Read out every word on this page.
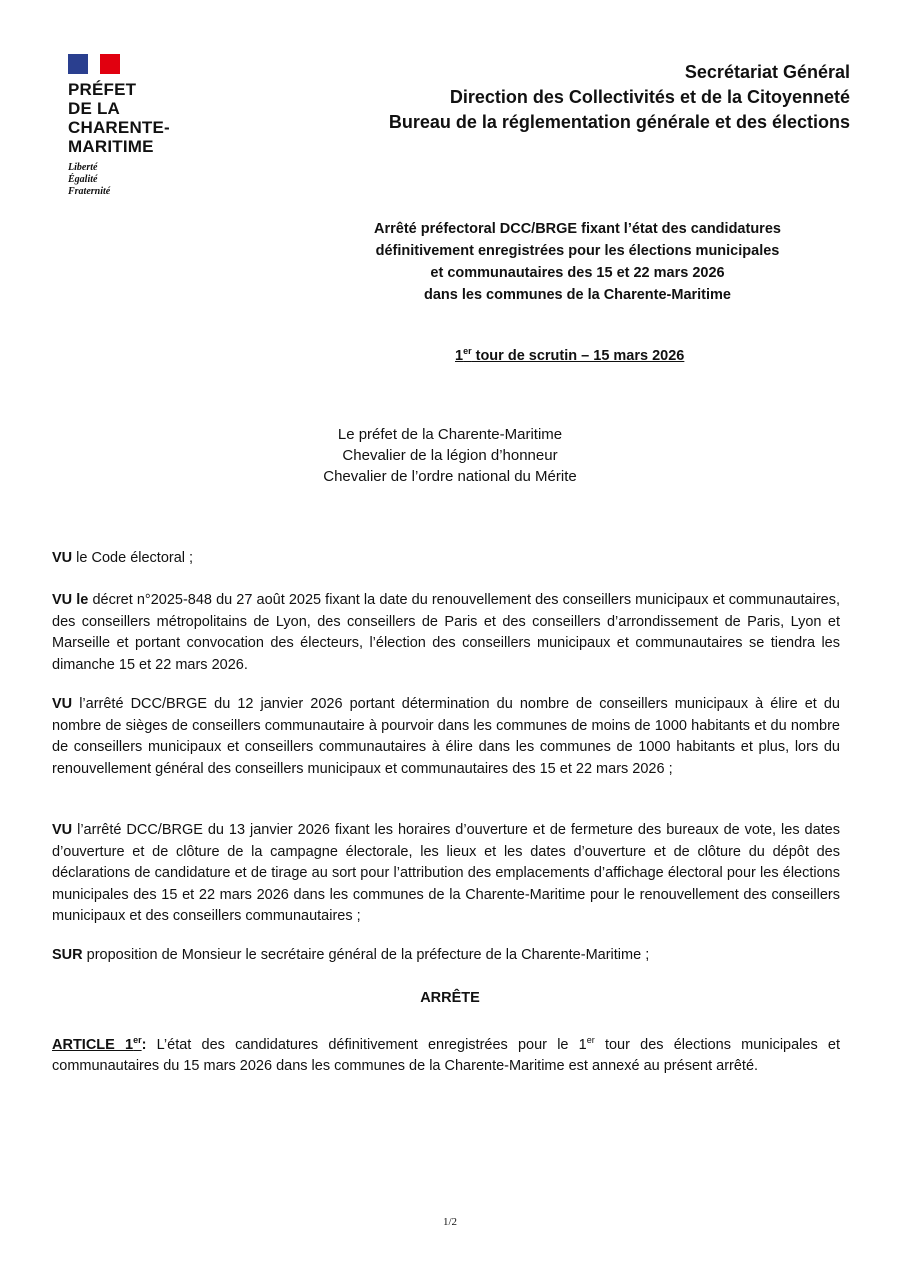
PRÉFET
DE LA
CHARENTE-
MARITIME
Liberté
Égalité
Fraternité
Secrétariat Général
Direction des Collectivités et de la Citoyenneté
Bureau de la réglementation générale et des élections
Arrêté préfectoral DCC/BRGE fixant l’état des candidatures
définitivement enregistrées pour les élections municipales
et communautaires des 15 et 22 mars 2026
dans les communes de la Charente-Maritime
1er tour de scrutin – 15 mars 2026
Le préfet de la Charente-Maritime
Chevalier de la légion d’honneur
Chevalier de l’ordre national du Mérite
VU le Code électoral ;
VU le décret n°2025-848 du 27 août 2025 fixant la date du renouvellement des conseillers municipaux et communautaires, des conseillers métropolitains de Lyon, des conseillers de Paris et des conseillers d’arrondissement de Paris, Lyon et Marseille et portant convocation des électeurs, l’élection des conseillers municipaux et communautaires se tiendra les dimanche 15 et 22 mars 2026.
VU l’arrêté DCC/BRGE du 12 janvier 2026 portant détermination du nombre de conseillers municipaux à élire et du nombre de sièges de conseillers communautaire à pourvoir dans les communes de moins de 1000 habitants et du nombre de conseillers municipaux et conseillers communautaires à élire dans les communes de 1000 habitants et plus, lors du renouvellement général des conseillers municipaux et communautaires des 15 et 22 mars 2026 ;
VU l’arrêté DCC/BRGE du 13 janvier 2026 fixant les horaires d’ouverture et de fermeture des bureaux de vote, les dates d’ouverture et de clôture de la campagne électorale, les lieux et les dates d’ouverture et de clôture du dépôt des déclarations de candidature et de tirage au sort pour l’attribution des emplacements d’affichage électoral pour les élections municipales des 15 et 22 mars 2026 dans les communes de la Charente-Maritime pour le renouvellement des conseillers municipaux et des conseillers communautaires ;
SUR proposition de Monsieur le secrétaire général de la préfecture de la Charente-Maritime ;
ARRÊTE
ARTICLE 1er: L’état des candidatures définitivement enregistrées pour le 1er tour des élections municipales et communautaires du 15 mars 2026 dans les communes de la Charente-Maritime est annexé au présent arrêté.
1/2
